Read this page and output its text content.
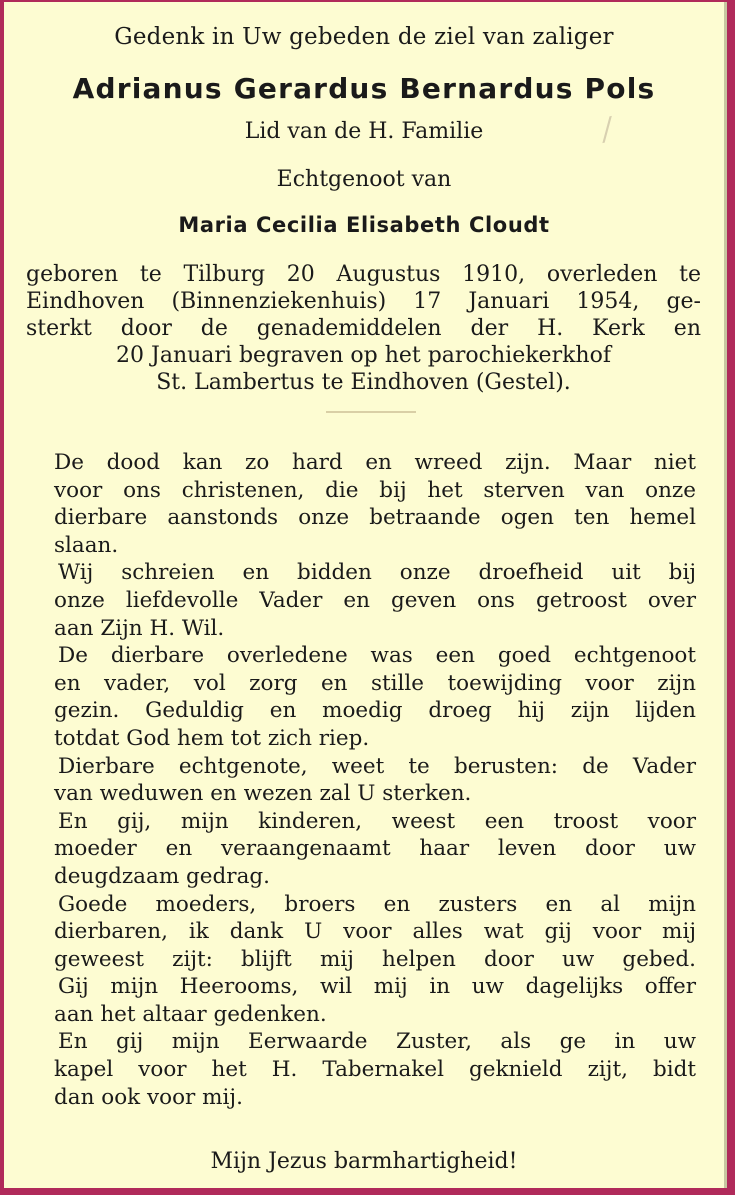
Gedenk in Uw gebeden de ziel van zaliger
Adrianus Gerardus Bernardus Pols
Lid van de H. Familie
Echtgenoot van
Maria Cecilia Elisabeth Cloudt
/
geboren te Tilburg 20 Augustus 1910, overleden te
Eindhoven (Binnenziekenhuis) 17 Januari 1954, ge-
sterkt door de genademiddelen der H. Kerk en
20 Januari begraven op het parochiekerkhof
St. Lambertus te Eindhoven (Gestel).
De dood kan zo hard en wreed zijn. Maar niet
voor ons christenen, die bij het sterven van onze
dierbare aanstonds onze betraande ogen ten hemel
slaan.
Wij schreien en bidden onze droefheid uit bij
onze liefdevolle Vader en geven ons getroost over
aan Zijn H. Wil.
De dierbare overledene was een goed echtgenoot
en vader, vol zorg en stille toewijding voor zijn
gezin. Geduldig en moedig droeg hij zijn lijden
totdat God hem tot zich riep.
Dierbare echtgenote, weet te berusten: de Vader
van weduwen en wezen zal U sterken.
En gij, mijn kinderen, weest een troost voor
moeder en veraangenaamt haar leven door uw
deugdzaam gedrag.
Goede moeders, broers en zusters en al mijn
dierbaren, ik dank U voor alles wat gij voor mij
geweest zijt: blijft mij helpen door uw gebed.
Gij mijn Heerooms, wil mij in uw dagelijks offer
aan het altaar gedenken.
En gij mijn Eerwaarde Zuster, als ge in uw
kapel voor het H. Tabernakel geknield zijt, bidt
dan ook voor mij.
Mijn Jezus barmhartigheid!
